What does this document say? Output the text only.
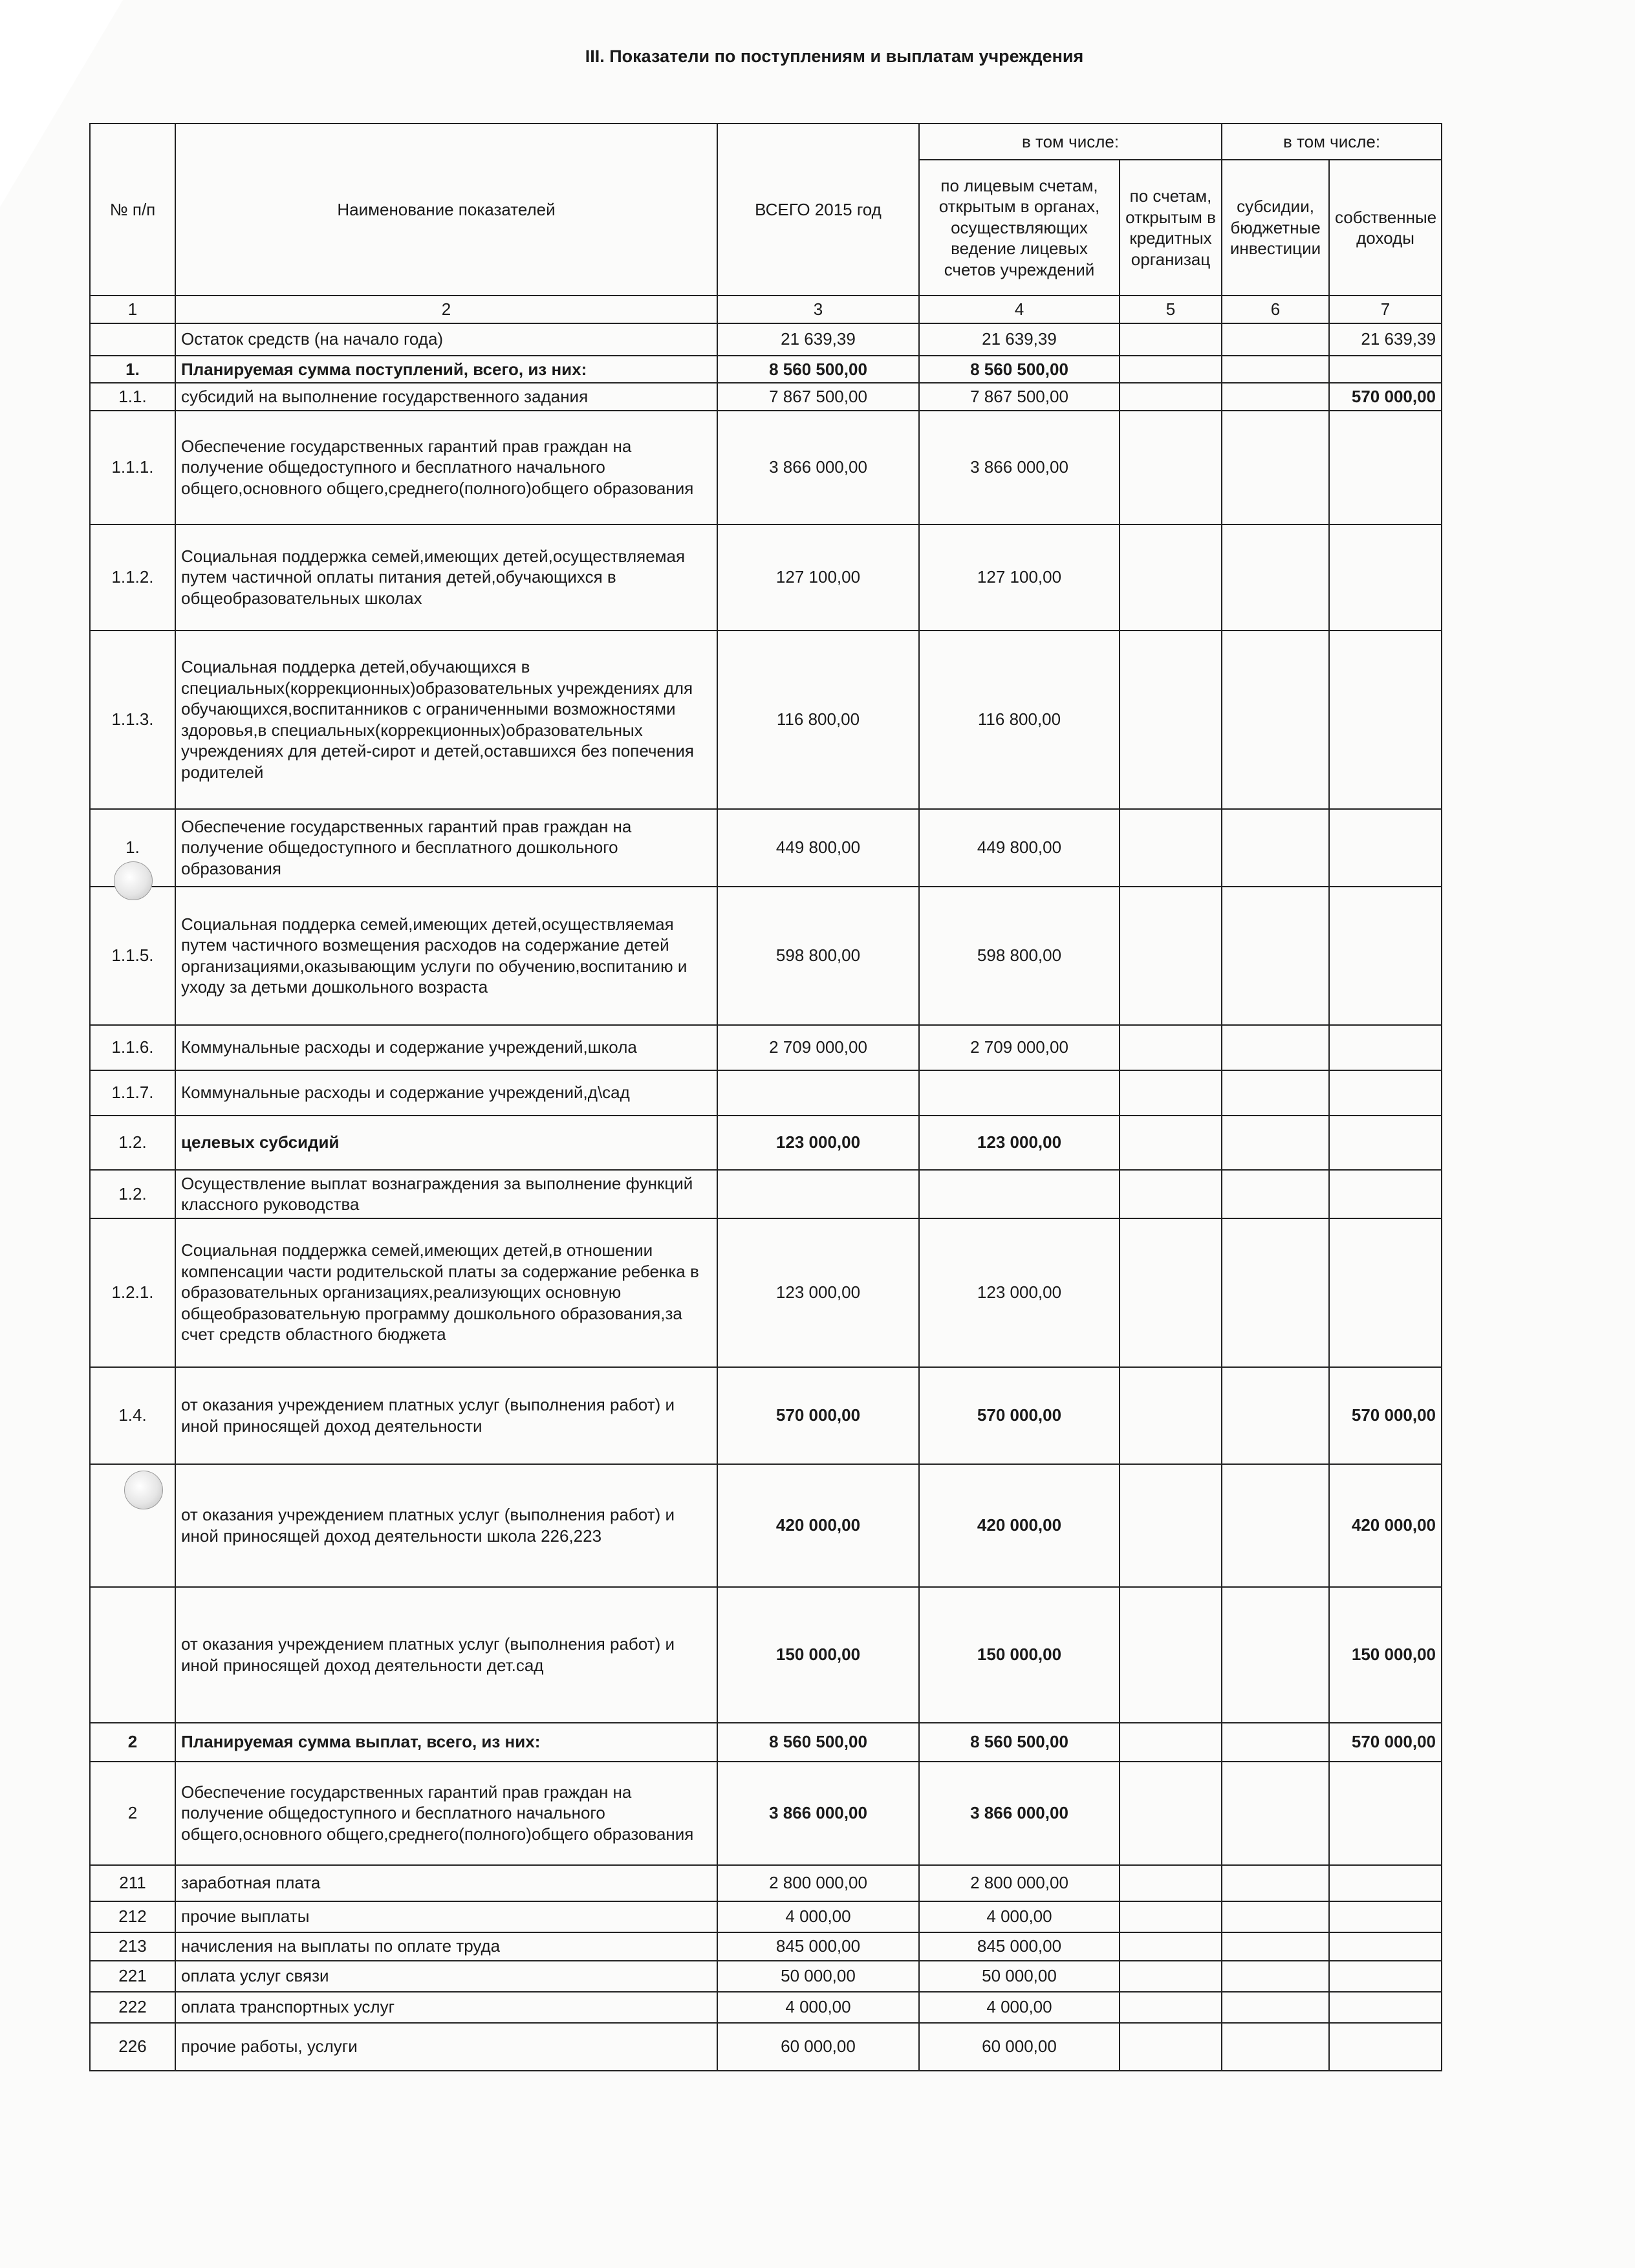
III. Показатели по поступлениям и выплатам учреждения
№ п/п	Наименование показателей	ВСЕГО 2015 год	в том числе:		в том числе:	
			по лицевым счетам, открытым в органах, осуществляющих ведение лицевых счетов учреждений	по счетам, открытым в кредитных организац	субсидии, бюджетные инвестиции	собственные доходы
1	2	3	4	5	6	7
	Остаток средств (на начало года)	21 639,39	21 639,39			21 639,39
1.	Планируемая сумма поступлений, всего, из них:	8 560 500,00	8 560 500,00			
1.1.	субсидий на выполнение государственного задания	7 867 500,00	7 867 500,00			570 000,00
1.1.1.	Обеспечение государственных гарантий прав граждан на получение общедоступного и бесплатного начального общего,основного общего,среднего(полного)общего образования	3 866 000,00	3 866 000,00			
1.1.2.	Социальная поддержка семей,имеющих детей,осуществляемая путем частичной оплаты питания детей,обучающихся в общеобразовательных школах	127 100,00	127 100,00			
1.1.3.	Социальная поддерка детей,обучающихся в специальных(коррекционных)образовательных учреждениях для обучающихся,воспитанников с ограниченными возможностями здоровья,в специальных(коррекционных)образовательных учреждениях для детей-сирот и детей,оставшихся без попечения родителей	116 800,00	116 800,00			
1.	Обеспечение государственных гарантий прав граждан на получение общедоступного и бесплатного дошкольного образования	449 800,00	449 800,00			
1.1.5.	Социальная поддерка семей,имеющих детей,осуществляемая путем частичного возмещения расходов на содержание детей организациями,оказывающим услуги по обучению,воспитанию и уходу за детьми дошкольного возраста	598 800,00	598 800,00			
1.1.6.	Коммунальные расходы и содержание учреждений,школа	2 709 000,00	2 709 000,00			
1.1.7.	Коммунальные расходы и содержание учреждений,д\сад					
1.2.	целевых субсидий	123 000,00	123 000,00			
1.2.	Осуществление выплат вознаграждения за выполнение функций классного руководства					
1.2.1.	Социальная поддержка семей,имеющих детей,в отношении компенсации части родительской платы за содержание ребенка в образовательных организациях,реализующих основную общеобразовательную программу дошкольного образования,за счет средств областного бюджета	123 000,00	123 000,00			
1.4.	от оказания учреждением платных услуг (выполнения работ) и иной приносящей доход деятельности	570 000,00	570 000,00			570 000,00
	от оказания учреждением платных услуг (выполнения работ) и иной приносящей доход деятельности школа 226,223	420 000,00	420 000,00			420 000,00
	от оказания учреждением платных услуг (выполнения работ) и иной приносящей доход деятельности дет.сад	150 000,00	150 000,00			150 000,00
2	Планируемая сумма выплат, всего, из них:	8 560 500,00	8 560 500,00			570 000,00
2	Обеспечение государственных гарантий прав граждан на получение общедоступного и бесплатного начального общего,основного общего,среднего(полного)общего образования	3 866 000,00	3 866 000,00			
211	заработная плата	2 800 000,00	2 800 000,00			
212	прочие выплаты	4 000,00	4 000,00			
213	начисления на выплаты по оплате труда	845 000,00	845 000,00			
221	оплата услуг связи	50 000,00	50 000,00			
222	оплата транспортных услуг	4 000,00	4 000,00			
226	прочие работы, услуги	60 000,00	60 000,00			
